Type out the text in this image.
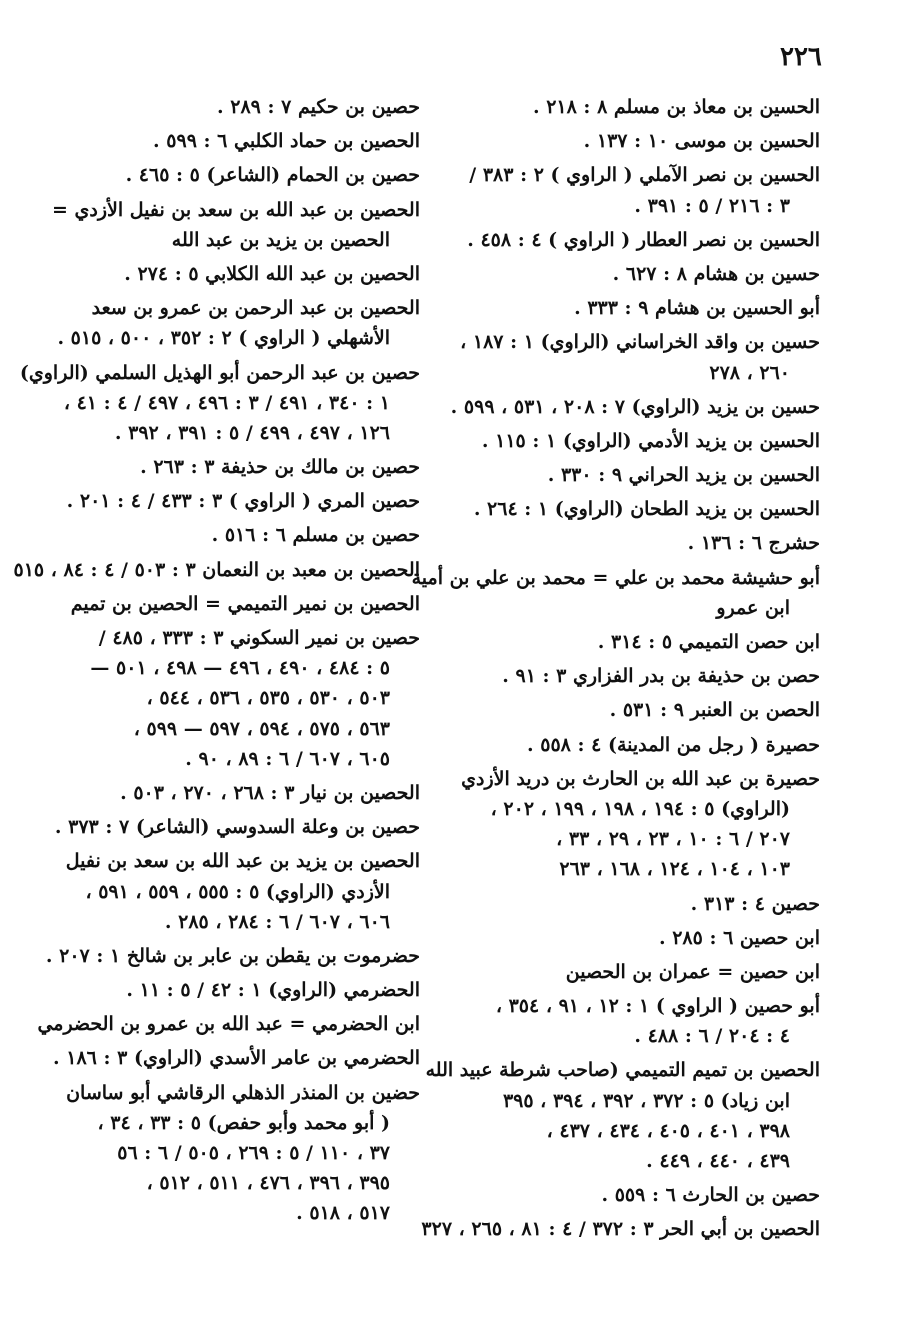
٢٢٦
الحسين بن معاذ بن مسلم ٨ : ٢١٨ .
الحسين بن موسى ١٠ : ١٣٧ .
الحسين بن نصر الآملي ( الراوي ) ٢ : ٣٨٣ /
٣ : ٢١٦ / ٥ : ٣٩١ .
الحسين بن نصر العطار ( الراوي ) ٤ : ٤٥٨ .
حسين بن هشام ٨ : ٦٢٧ .
أبو الحسين بن هشام ٩ : ٣٣٣ .
حسين بن واقد الخراساني (الراوي) ١ : ١٨٧ ،
٢٦٠ ، ٢٧٨
حسين بن يزيد (الراوي) ٧ : ٢٠٨ ، ٥٣١ ، ٥٩٩ .
الحسين بن يزيد الأدمي (الراوي) ١ : ١١٥ .
الحسين بن يزيد الحراني ٩ : ٣٣٠ .
الحسين بن يزيد الطحان (الراوي) ١ : ٢٦٤ .
حشرج ٦ : ١٣٦ .
أبو حشيشة محمد بن علي = محمد بن علي بن أمية
ابن عمرو
ابن حصن التميمي ٥ : ٣١٤ .
حصن بن حذيفة بن بدر الفزاري ٣ : ٩١ .
الحصن بن العنبر ٩ : ٥٣١ .
حصيرة ( رجل من المدينة) ٤ : ٥٥٨ .
حصيرة بن عبد الله بن الحارث بن دريد الأزدي
(الراوي) ٥ : ١٩٤ ، ١٩٨ ، ١٩٩ ، ٢٠٢ ،
٢٠٧ / ٦ : ١٠ ، ٢٣ ، ٢٩ ، ٣٣ ،
١٠٣ ، ١٠٤ ، ١٢٤ ، ١٦٨ ، ٢٦٣
حصين ٤ : ٣١٣ .
ابن حصين ٦ : ٢٨٥ .
ابن حصين = عمران بن الحصين
أبو حصين ( الراوي ) ١ : ١٢ ، ٩١ ، ٣٥٤ ،
٤ : ٢٠٤ / ٦ : ٤٨٨ .
الحصين بن تميم التميمي (صاحب شرطة عبيد الله
ابن زياد) ٥ : ٣٧٢ ، ٣٩٢ ، ٣٩٤ ، ٣٩٥
٣٩٨ ، ٤٠١ ، ٤٠٥ ، ٤٣٤ ، ٤٣٧ ،
٤٣٩ ، ٤٤٠ ، ٤٤٩ .
حصين بن الحارث ٦ : ٥٥٩ .
الحصين بن أبي الحر ٣ : ٣٧٢ / ٤ : ٨١ ، ٢٦٥ ، ٣٢٧
حصين بن حكيم ٧ : ٢٨٩ .
الحصين بن حماد الكلبي ٦ : ٥٩٩ .
حصين بن الحمام (الشاعر) ٥ : ٤٦٥ .
الحصين بن عبد الله بن سعد بن نفيل الأزدي =
الحصين بن يزيد بن عبد الله
الحصين بن عبد الله الكلابي ٥ : ٢٧٤ .
الحصين بن عبد الرحمن بن عمرو بن سعد
الأشهلي ( الراوي ) ٢ : ٣٥٢ ، ٥٠٠ ، ٥١٥ .
حصين بن عبد الرحمن أبو الهذيل السلمي (الراوي)
١ : ٣٤٠ ، ٤٩١ / ٣ : ٤٩٦ ، ٤٩٧ / ٤ : ٤١ ،
١٢٦ ، ٤٩٧ ، ٤٩٩ / ٥ : ٣٩١ ، ٣٩٢ .
حصين بن مالك بن حذيفة ٣ : ٢٦٣ .
حصين المري ( الراوي ) ٣ : ٤٣٣ / ٤ : ٢٠١ .
حصين بن مسلم ٦ : ٥١٦ .
الحصين بن معبد بن النعمان ٣ : ٥٠٣ / ٤ : ٨٤ ، ٥١٥
الحصين بن نمير التميمي = الحصين بن تميم
حصين بن نمير السكوني ٣ : ٣٣٣ ، ٤٨٥ /
٥ : ٤٨٤ ، ٤٩٠ ، ٤٩٦ — ٤٩٨ ، ٥٠١ —
٥٠٣ ، ٥٣٠ ، ٥٣٥ ، ٥٣٦ ، ٥٤٤ ،
٥٦٣ ، ٥٧٥ ، ٥٩٤ ، ٥٩٧ — ٥٩٩ ،
٦٠٥ ، ٦٠٧ / ٦ : ٨٩ ، ٩٠ .
الحصين بن نيار ٣ : ٢٦٨ ، ٢٧٠ ، ٥٠٣ .
حصين بن وعلة السدوسي (الشاعر) ٧ : ٣٧٣ .
الحصين بن يزيد بن عبد الله بن سعد بن نفيل
الأزدي (الراوي) ٥ : ٥٥٥ ، ٥٥٩ ، ٥٩١ ،
٦٠٦ ، ٦٠٧ / ٦ : ٢٨٤ ، ٢٨٥ .
حضرموت بن يقطن بن عابر بن شالخ ١ : ٢٠٧ .
الحضرمي (الراوي) ١ : ٤٢ / ٥ : ١١ .
ابن الحضرمي = عبد الله بن عمرو بن الحضرمي
الحضرمي بن عامر الأسدي (الراوي) ٣ : ١٨٦ .
حضين بن المنذر الذهلي الرقاشي أبو ساسان
( أبو محمد وأبو حفص) ٥ : ٣٣ ، ٣٤ ،
٣٧ ، ١١٠ / ٥ : ٢٦٩ ، ٥٠٥ / ٦ : ٥٦
٣٩٥ ، ٣٩٦ ، ٤٧٦ ، ٥١١ ، ٥١٢ ،
٥١٧ ، ٥١٨ .
